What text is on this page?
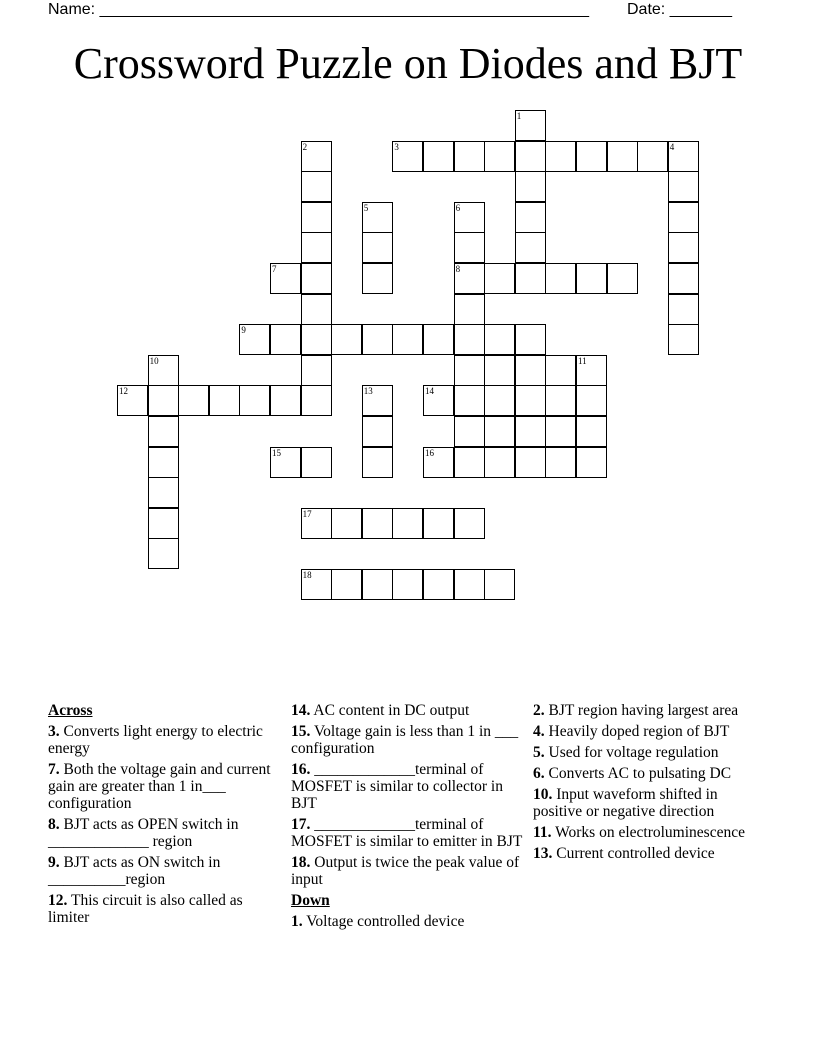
Name: _______________________________________________________ Date: _______
Crossword Puzzle on Diodes and BJT
1
2	3	4
5	6
7	8
9
10	11
12	13	14
15	16
17
18
Across
3. Converts light energy to electric energy
7. Both the voltage gain and current gain are greater than 1 in___ configuration
8. BJT acts as OPEN switch in _____________ region
9. BJT acts as ON switch in __________region
12. This circuit is also called as limiter
14. AC content in DC output
15. Voltage gain is less than 1 in ___ configuration
16. _____________terminal of MOSFET is similar to collector in BJT
17. _____________terminal of MOSFET is similar to emitter in BJT
18. Output is twice the peak value of input
Down
1. Voltage controlled device
2. BJT region having largest area
4. Heavily doped region of BJT
5. Used for voltage regulation
6. Converts AC to pulsating DC
10. Input waveform shifted in positive or negative direction
11. Works on electroluminescence
13. Current controlled device
